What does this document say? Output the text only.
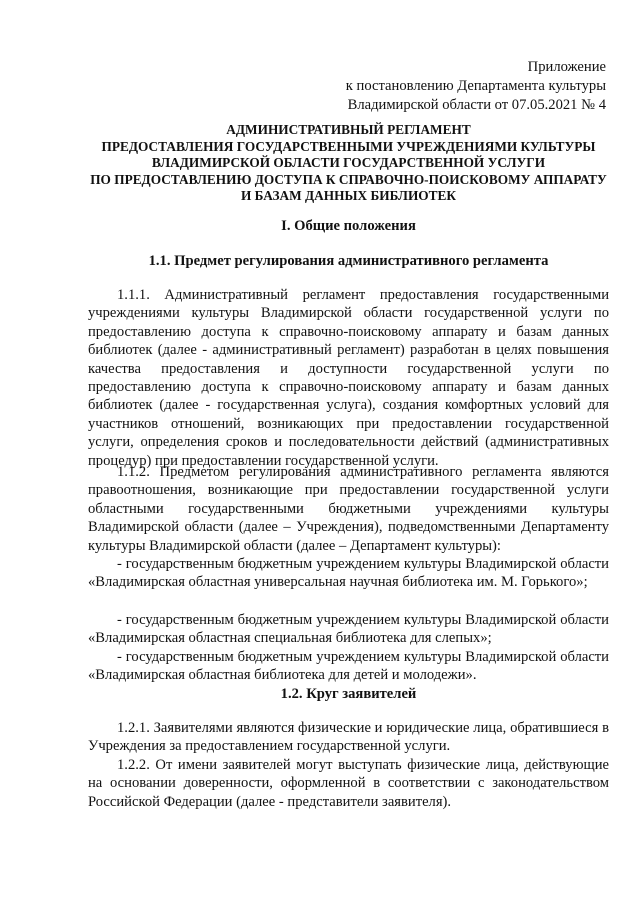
Приложение
к постановлению Департамента культуры
Владимирской области от 07.05.2021 № 4
АДМИНИСТРАТИВНЫЙ РЕГЛАМЕНТ
ПРЕДОСТАВЛЕНИЯ ГОСУДАРСТВЕННЫМИ УЧРЕЖДЕНИЯМИ КУЛЬТУРЫ
ВЛАДИМИРСКОЙ ОБЛАСТИ ГОСУДАРСТВЕННОЙ УСЛУГИ
ПО ПРЕДОСТАВЛЕНИЮ ДОСТУПА К СПРАВОЧНО-ПОИСКОВОМУ АППАРАТУ
И БАЗАМ ДАННЫХ БИБЛИОТЕК
I. Общие положения
1.1. Предмет регулирования административного регламента

1.1.1. Административный регламент предоставления государственными учреждениями культуры Владимирской области государственной услуги по предоставлению доступа к справочно-поисковому аппарату и базам данных библиотек (далее - административный регламент) разработан в целях повышения качества предоставления и доступности государственной услуги по предоставлению доступа к справочно-поисковому аппарату и базам данных библиотек (далее - государственная услуга), создания комфортных условий для участников отношений, возникающих при предоставлении государственной услуги, определения сроков и последовательности действий (административных процедур) при предоставлении государственной услуги.

1.1.2. Предметом регулирования административного регламента являются правоотношения, возникающие при предоставлении государственной услуги областными государственными бюджетными учреждениями культуры Владимирской области (далее – Учреждения), подведомственными Департаменту культуры Владимирской области (далее – Департамент культуры):

- государственным бюджетным учреждением культуры Владимирской области «Владимирская областная универсальная научная библиотека им. М. Горького»;

- государственным бюджетным учреждением культуры Владимирской области «Владимирская областная специальная библиотека для слепых»;

- государственным бюджетным учреждением культуры Владимирской области «Владимирская областная библиотека для детей и молодежи».

1.2. Круг заявителей

1.2.1. Заявителями являются физические и юридические лица, обратившиеся в Учреждения за предоставлением государственной услуги.

1.2.2. От имени заявителей могут выступать физические лица, действующие на основании доверенности, оформленной в соответствии с законодательством Российской Федерации (далее - представители заявителя).
